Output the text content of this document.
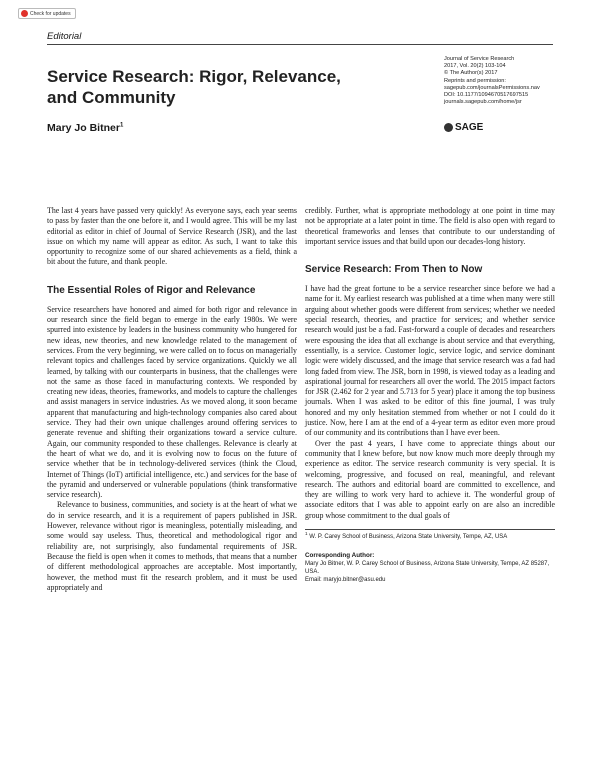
Check for updates
Editorial
Service Research: Rigor, Relevance, and Community
Mary Jo Bitner$^1$
Journal of Service Research
2017, Vol. 20(2) 103-104
© The Author(s) 2017
Reprints and permission:
sagepub.com/journalsPermissions.nav
DOI: 10.1177/1094670517697515
journals.sagepub.com/home/jsr
SAGE

The last 4 years have passed very quickly! As everyone says, each year seems to pass by faster than the one before it, and I would agree. This will be my last editorial as editor in chief of Journal of Service Research (JSR), and the last issue on which my name will appear as editor. As such, I want to take this opportunity to recognize some of our shared achievements as a field, think a bit about the future, and thank people.

The Essential Roles of Rigor and Relevance

Service researchers have honored and aimed for both rigor and relevance in our research since the field began to emerge in the early 1980s. We were spurred into existence by leaders in the business community who hungered for new ideas, new theories, and new knowledge related to the management of services. From the very beginning, we were called on to focus on managerially relevant topics and challenges faced by service organizations. Quickly we all learned, by talking with our counterparts in business, that the challenges were not the same as those faced in manufacturing contexts. We responded by creating new ideas, theories, frameworks, and models to capture the challenges and assist managers in service industries. As we moved along, it soon became apparent that manufacturing and high-technology companies also cared about service. They had their own unique challenges around offering services to generate revenue and shifting their organizations toward a service culture. Again, our community responded to these challenges. Relevance is clearly at the heart of what we do, and it is evolving now to focus on the future of service whether that be in technology-delivered services (think the Cloud, Internet of Things (IoT) artificial intelligence, etc.) and services for the base of the pyramid and underserved or vulnerable populations (think transformative service research).

Relevance to business, communities, and society is at the heart of what we do in service research, and it is a requirement of papers published in JSR. However, relevance without rigor is meaningless, potentially misleading, and some would say useless. Thus, theoretical and methodological rigor and reliability are, not surprisingly, also fundamental requirements of JSR. Because the field is open when it comes to methods, that means that a number of different methodological approaches are acceptable. Most importantly, however, the method must fit the research problem, and it must be used appropriately and

credibly. Further, what is appropriate methodology at one point in time may not be appropriate at a later point in time. The field is also open with regard to theoretical frameworks and lenses that contribute to our understanding of important service issues and that build upon our decades-long history.

Service Research: From Then to Now

I have had the great fortune to be a service researcher since before we had a name for it. My earliest research was published at a time when many were still arguing about whether goods were different from services; whether we needed special research, theories, and practice for services; and whether service research would just be a fad. Fast-forward a couple of decades and researchers were espousing the idea that all exchange is about service and that everything, essentially, is a service. Customer logic, service logic, and service dominant logic were widely discussed, and the image that service research was a fad had long faded from view. The JSR, born in 1998, is viewed today as a leading and aspirational journal for researchers all over the world. The 2015 impact factors for JSR (2.462 for 2 year and 5.713 for 5 year) place it among the top business journals. When I was asked to be editor of this fine journal, I was truly honored and my only hesitation stemmed from whether or not I could do it justice. Now, here I am at the end of a 4-year term as editor even more proud of our community and its contributions than I have ever been.

Over the past 4 years, I have come to appreciate things about our community that I knew before, but now know much more deeply through my experience as editor. The service research community is very special. It is welcoming, progressive, and focused on real, meaningful, and relevant research. The authors and editorial board are committed to excellence, and they are willing to work very hard to achieve it. The wonderful group of associate editors that I was able to appoint early on are also an incredible group whose commitment to the dual goals of

$^1$ W. P. Carey School of Business, Arizona State University, Tempe, AZ, USA

Corresponding Author:
Mary Jo Bitner, W. P. Carey School of Business, Arizona State University, Tempe, AZ 85287, USA.
Email: maryjo.bitner@asu.edu
